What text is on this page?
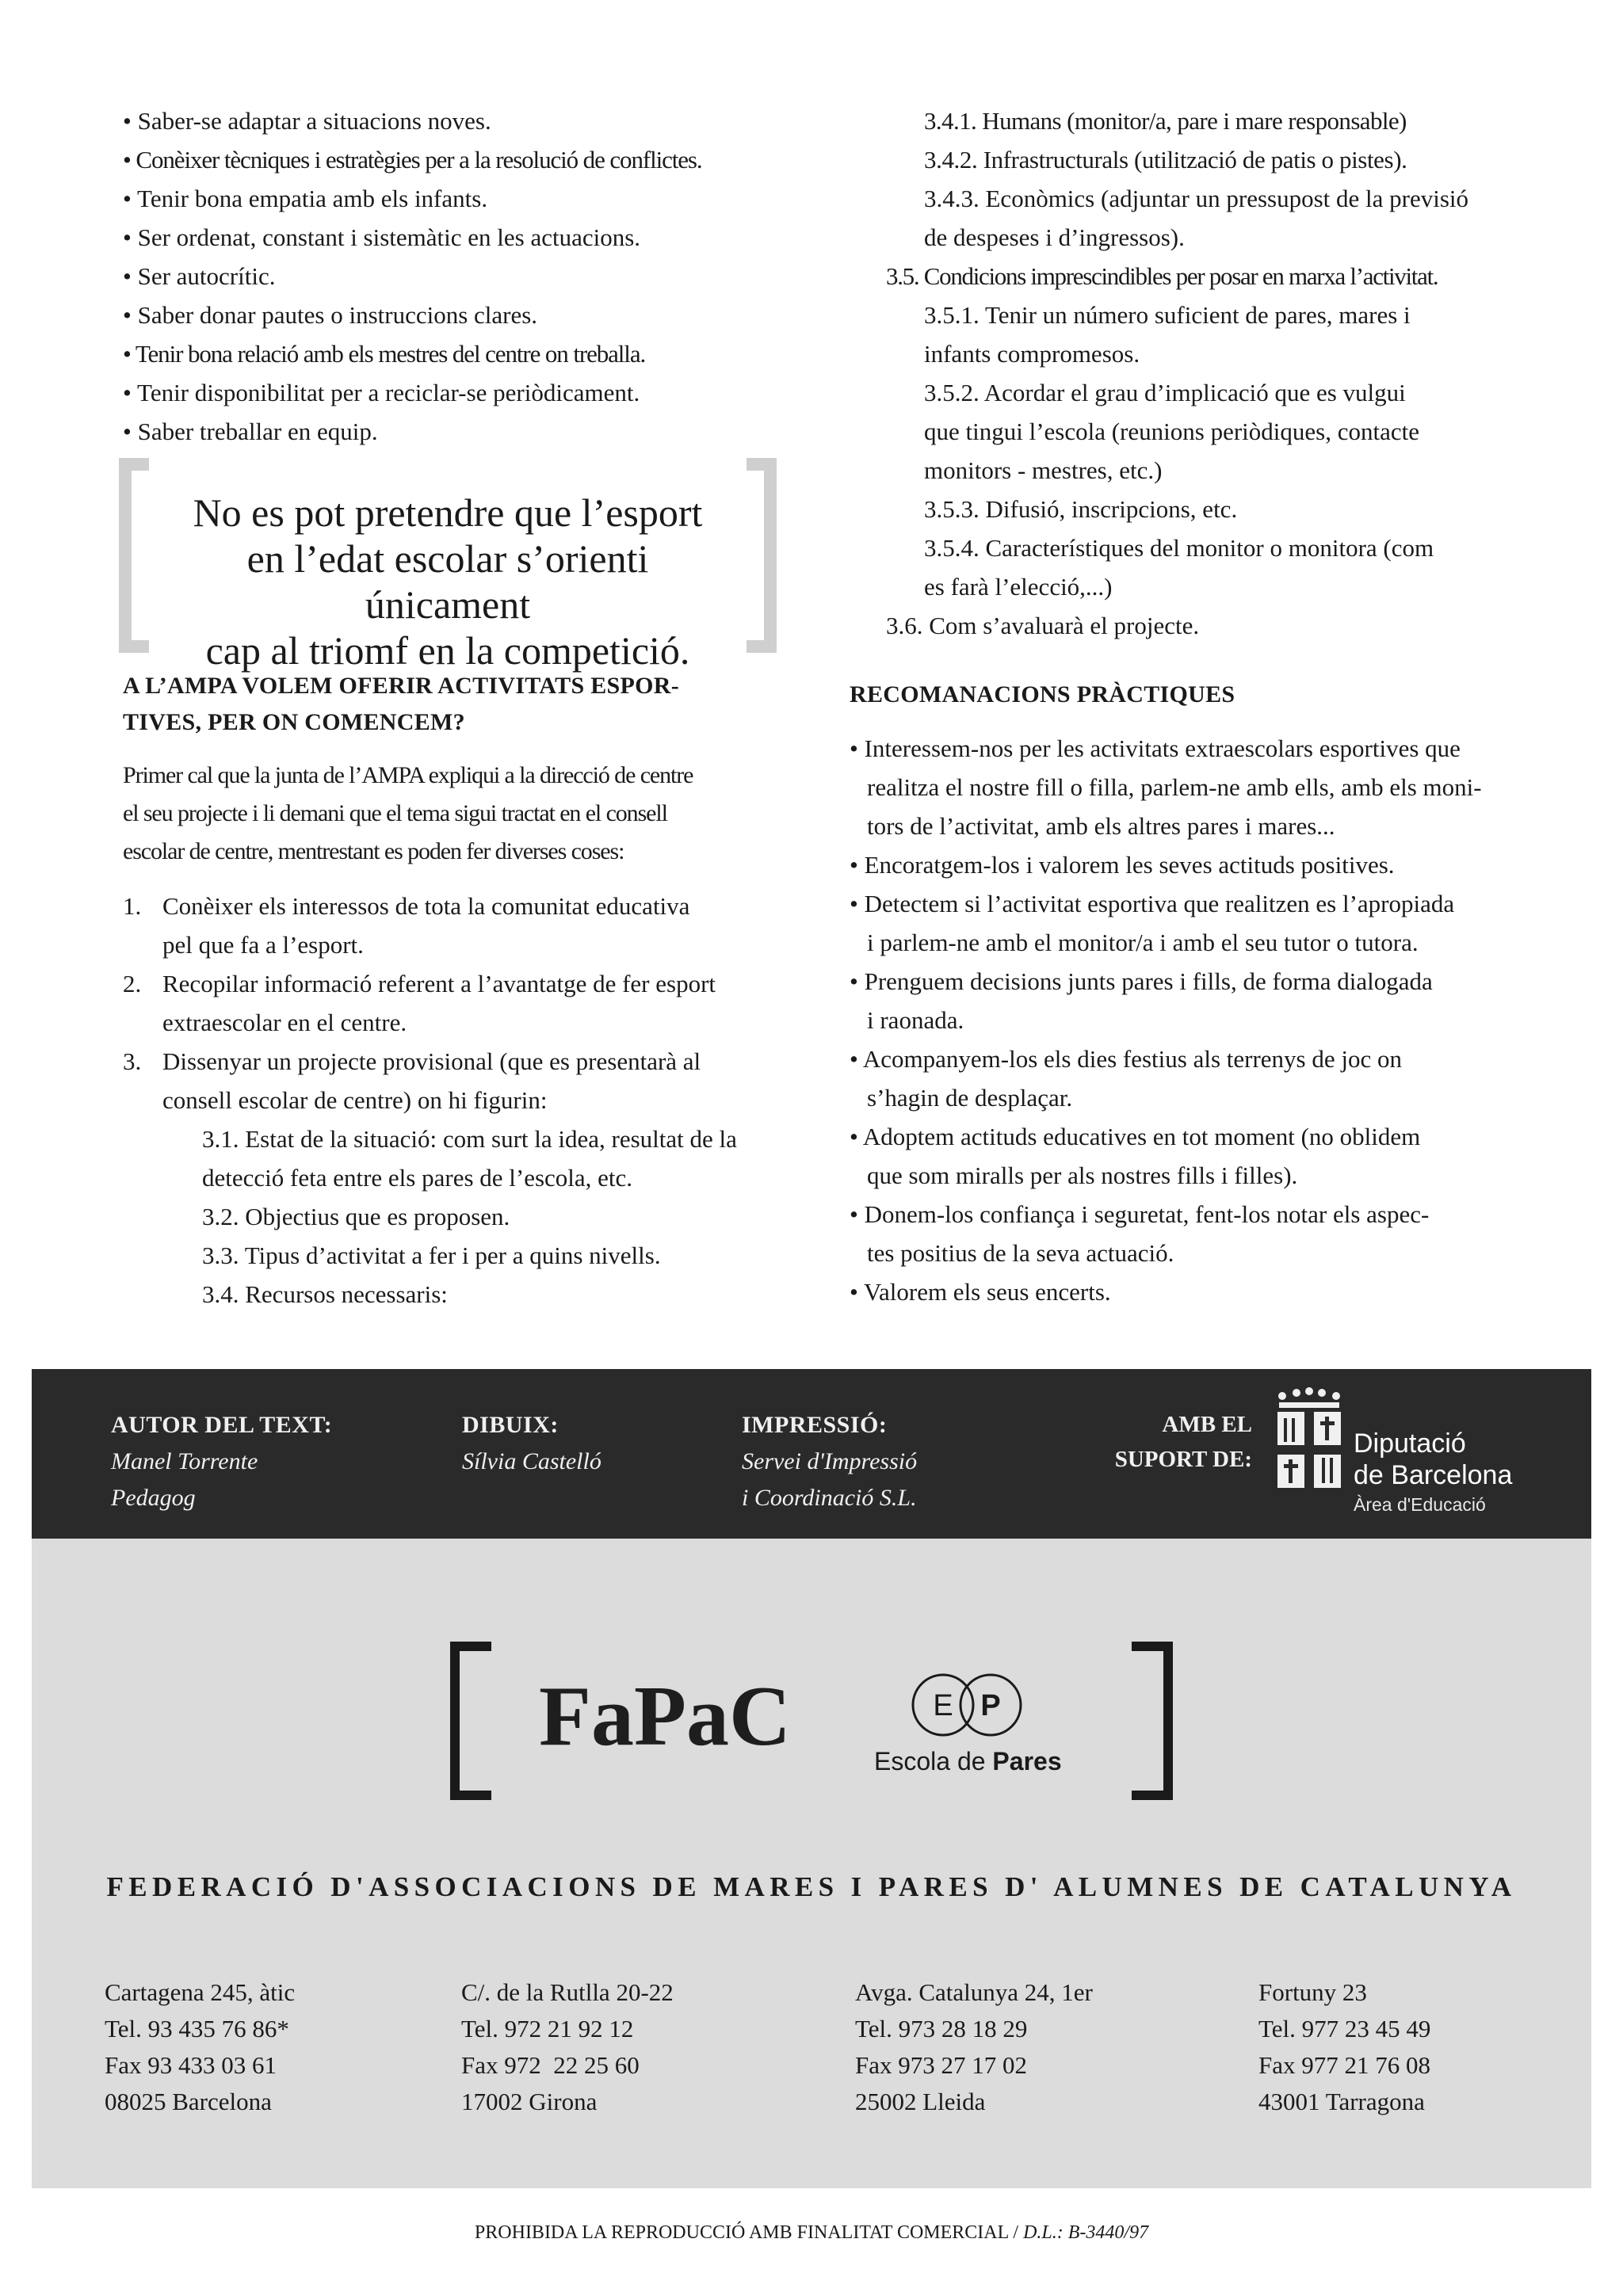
• Saber-se adaptar a situacions noves.

• Conèixer tècniques i estratègies per a la resolució de conflictes.

• Tenir bona empatia amb els infants.

• Ser ordenat, constant i sistemàtic en les actuacions.

• Ser autocrític.

• Saber donar pautes o instruccions clares.

• Tenir bona relació amb els mestres del centre on treballa.

• Tenir disponibilitat per a reciclar-se periòdicament.

• Saber treballar en equip.

No es pot pretendre que l’esport
en l’edat escolar s’orienti únicament
cap al triomf en la competició.
A L’AMPA VOLEM OFERIR ACTIVITATS ESPOR-
TIVES, PER ON COMENCEM?
Primer cal que la junta de l’AMPA expliqui a la direcció de centre
el seu projecte i li demani que el tema sigui tractat en el consell
escolar de centre, mentrestant es poden fer diverses coses:
1. Conèixer els interessos de tota la comunitat educativa
pel que fa a l’esport.
2. Recopilar informació referent a l’avantatge de fer esport
extraescolar en el centre.
3. Dissenyar un projecte provisional (que es presentarà al
consell escolar de centre) on hi figurin:
3.1. Estat de la situació: com surt la idea, resultat de la
detecció feta entre els pares de l’escola, etc.
3.2. Objectius que es proposen.
3.3. Tipus d’activitat a fer i per a quins nivells.
3.4. Recursos necessaris:
3.4.1. Humans (monitor/a, pare i mare responsable)
3.4.2. Infrastructurals (utilització de patis o pistes).
3.4.3. Econòmics (adjuntar un pressupost de la previsió
de despeses i d’ingressos).
3.5. Condicions imprescindibles per posar en marxa l’activitat.
3.5.1. Tenir un número suficient de pares, mares i
infants compromesos.
3.5.2. Acordar el grau d’implicació que es vulgui
que tingui l’escola (reunions periòdiques, contacte
monitors - mestres, etc.)
3.5.3. Difusió, inscripcions, etc.
3.5.4. Característiques del monitor o monitora (com
es farà l’elecció,...)
3.6. Com s’avaluarà el projecte.
RECOMANACIONS PRÀCTIQUES
• Interessem-nos per les activitats extraescolars esportives que
realitza el nostre fill o filla, parlem-ne amb ells, amb els moni-
tors de l’activitat, amb els altres pares i mares...
• Encoratgem-los i valorem les seves actituds positives.
• Detectem si l’activitat esportiva que realitzen es l’apropiada
i parlem-ne amb el monitor/a i amb el seu tutor o tutora.
• Prenguem decisions junts pares i fills, de forma dialogada
i raonada.
• Acompanyem-los els dies festius als terrenys de joc on
s’hagin de desplaçar.
• Adoptem actituds educatives en tot moment (no oblidem
que som miralls per als nostres fills i filles).
• Donem-los confiança i seguretat, fent-los notar els aspec-
tes positius de la seva actuació.
• Valorem els seus encerts.
AUTOR DEL TEXT:
Manel Torrente
Pedagog
DIBUIX:
Sílvia Castelló
IMPRESSIÓ:
Servei d'Impressió
i Coordinació S.L.
AMB EL
SUPORT DE:
Diputació
de Barcelona
Àrea d'Educació
FaPaC	E P
Escola de Pares
FEDERACIÓ D'ASSOCIACIONS DE MARES I PARES D' ALUMNES DE CATALUNYA
Cartagena 245, àtic
Tel. 93 435 76 86*
Fax 93 433 03 61
08025 Barcelona
C/. de la Rutlla 20-22
Tel. 972 21 92 12
Fax 972  22 25 60
17002 Girona
Avga. Catalunya 24, 1er
Tel. 973 28 18 29
Fax 973 27 17 02
25002 Lleida
Fortuny 23
Tel. 977 23 45 49
Fax 977 21 76 08
43001 Tarragona
PROHIBIDA LA REPRODUCCIÓ AMB FINALITAT COMERCIAL / D.L.: B-3440/97
